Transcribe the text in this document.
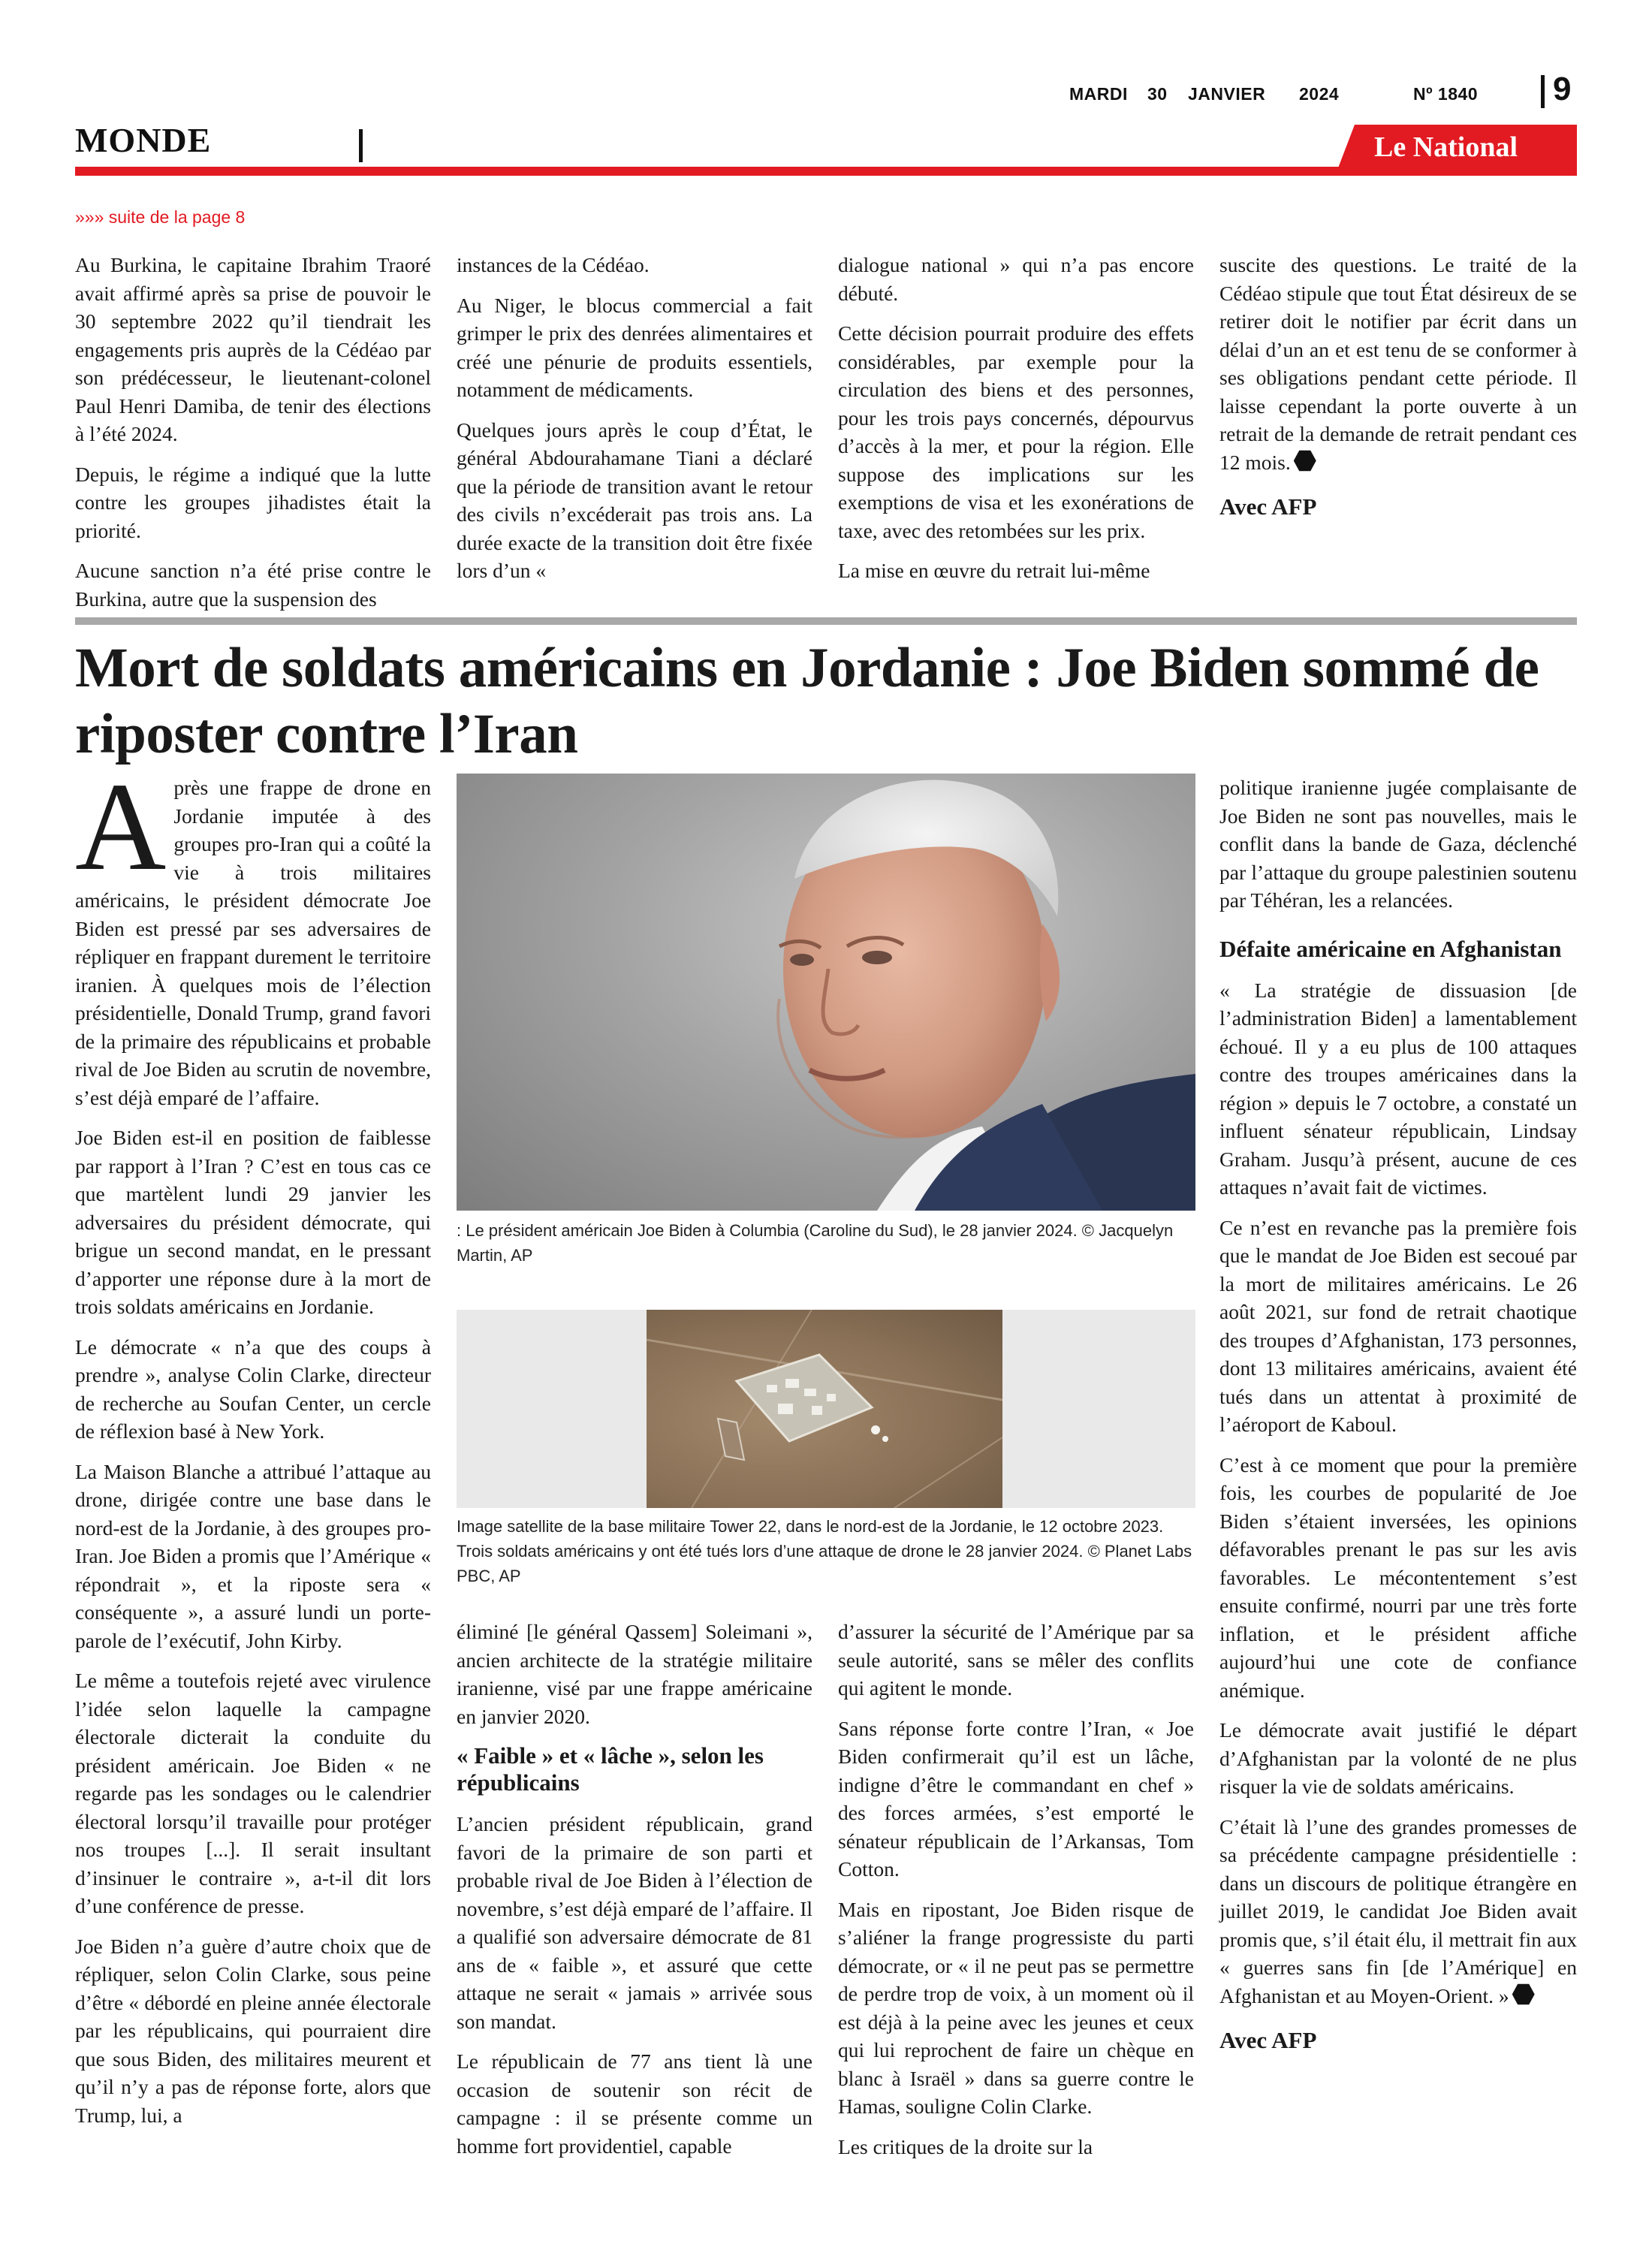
MARDI 30 JANVIER 2024	Nº 1840 9
MONDE	Le National
»»» suite de la page 8

Au Burkina, le capitaine Ibrahim Traoré avait affirmé après sa prise de pouvoir le 30 septembre 2022 qu’il tiendrait les engagements pris auprès de la Cédéao par son prédécesseur, le lieutenant-colonel Paul Henri Damiba, de tenir des élections à l’été 2024.

Depuis, le régime a indiqué que la lutte contre les groupes jihadistes était la priorité.

Aucune sanction n’a été prise contre le Burkina, autre que la suspension des

instances de la Cédéao.

Au Niger, le blocus commercial a fait grimper le prix des denrées alimentaires et créé une pénurie de produits essentiels, notamment de médicaments.

Quelques jours après le coup d’État, le général Abdourahamane Tiani a déclaré que la période de transition avant le retour des civils n’excéderait pas trois ans. La durée exacte de la transition doit être fixée lors d’un «

dialogue national » qui n’a pas encore débuté.

Cette décision pourrait produire des effets considérables, par exemple pour la circulation des biens et des personnes, pour les trois pays concernés, dépourvus d’accès à la mer, et pour la région. Elle suppose des implications sur les exemptions de visa et les exonérations de taxe, avec des retombées sur les prix.

La mise en œuvre du retrait lui-même

suscite des questions. Le traité de la Cédéao stipule que tout État désireux de se retirer doit le notifier par écrit dans un délai d’un an et est tenu de se conformer à ses obligations pendant cette période. Il laisse cependant la porte ouverte à un retrait de la demande de retrait pendant ces 12 mois.

Avec AFP

Mort de soldats américains en Jordanie : Joe Biden sommé de riposter contre l’Iran

Après une frappe de drone en Jordanie imputée à des groupes pro-Iran qui a coûté la vie à trois militaires américains, le président démocrate Joe Biden est pressé par ses adversaires de répliquer en frappant durement le territoire iranien. À quelques mois de l’élection présidentielle, Donald Trump, grand favori de la primaire des républicains et probable rival de Joe Biden au scrutin de novembre, s’est déjà emparé de l’affaire.

Joe Biden est-il en position de faiblesse par rapport à l’Iran ? C’est en tous cas ce que martèlent lundi 29 janvier les adversaires du président démocrate, qui brigue un second mandat, en le pressant d’apporter une réponse dure à la mort de trois soldats américains en Jordanie.

Le démocrate « n’a que des coups à prendre », analyse Colin Clarke, directeur de recherche au Soufan Center, un cercle de réflexion basé à New York.

La Maison Blanche a attribué l’attaque au drone, dirigée contre une base dans le nord-est de la Jordanie, à des groupes pro-Iran. Joe Biden a promis que l’Amérique « répondrait », et la riposte sera « conséquente », a assuré lundi un porte-parole de l’exécutif, John Kirby.

Le même a toutefois rejeté avec virulence l’idée selon laquelle la campagne électorale dicterait la conduite du président américain. Joe Biden « ne regarde pas les sondages ou le calendrier électoral lorsqu’il travaille pour protéger nos troupes [...]. Il serait insultant d’insinuer le contraire », a-t-il dit lors d’une conférence de presse.

Joe Biden n’a guère d’autre choix que de répliquer, selon Colin Clarke, sous peine d’être « débordé en pleine année électorale par les républicains, qui pourraient dire que sous Biden, des militaires meurent et qu’il n’y a pas de réponse forte, alors que Trump, lui, a

: Le président américain Joe Biden à Columbia (Caroline du Sud), le 28 janvier 2024. © Jacquelyn Martin, AP
Image satellite de la base militaire Tower 22, dans le nord-est de la Jordanie, le 12 octobre 2023. Trois soldats américains y ont été tués lors d’une attaque de drone le 28 janvier 2024. © Planet Labs PBC, AP

éliminé [le général Qassem] Soleimani », ancien architecte de la stratégie militaire iranienne, visé par une frappe américaine en janvier 2020.

« Faible » et « lâche », selon les républicains

L’ancien président républicain, grand favori de la primaire de son parti et probable rival de Joe Biden à l’élection de novembre, s’est déjà emparé de l’affaire. Il a qualifié son adversaire démocrate de 81 ans de « faible », et assuré que cette attaque ne serait « jamais » arrivée sous son mandat.

Le républicain de 77 ans tient là une occasion de soutenir son récit de campagne : il se présente comme un homme fort providentiel, capable

d’assurer la sécurité de l’Amérique par sa seule autorité, sans se mêler des conflits qui agitent le monde.

Sans réponse forte contre l’Iran, « Joe Biden confirmerait qu’il est un lâche, indigne d’être le commandant en chef » des forces armées, s’est emporté le sénateur républicain de l’Arkansas, Tom Cotton.

Mais en ripostant, Joe Biden risque de s’aliéner la frange progressiste du parti démocrate, or « il ne peut pas se permettre de perdre trop de voix, à un moment où il est déjà à la peine avec les jeunes et ceux qui lui reprochent de faire un chèque en blanc à Israël » dans sa guerre contre le Hamas, souligne Colin Clarke.

Les critiques de la droite sur la

politique iranienne jugée complaisante de Joe Biden ne sont pas nouvelles, mais le conflit dans la bande de Gaza, déclenché par l’attaque du groupe palestinien soutenu par Téhéran, les a relancées.

Défaite américaine en Afghanistan

« La stratégie de dissuasion [de l’administration Biden] a lamentablement échoué. Il y a eu plus de 100 attaques contre des troupes américaines dans la région » depuis le 7 octobre, a constaté un influent sénateur républicain, Lindsay Graham. Jusqu’à présent, aucune de ces attaques n’avait fait de victimes.

Ce n’est en revanche pas la première fois que le mandat de Joe Biden est secoué par la mort de militaires américains. Le 26 août 2021, sur fond de retrait chaotique des troupes d’Afghanistan, 173 personnes, dont 13 militaires américains, avaient été tués dans un attentat à proximité de l’aéroport de Kaboul.

C’est à ce moment que pour la première fois, les courbes de popularité de Joe Biden s’étaient inversées, les opinions défavorables prenant le pas sur les avis favorables. Le mécontentement s’est ensuite confirmé, nourri par une très forte inflation, et le président affiche aujourd’hui une cote de confiance anémique.

Le démocrate avait justifié le départ d’Afghanistan par la volonté de ne plus risquer la vie de soldats américains.

C’était là l’une des grandes promesses de sa précédente campagne présidentielle : dans un discours de politique étrangère en juillet 2019, le candidat Joe Biden avait promis que, s’il était élu, il mettrait fin aux « guerres sans fin [de l’Amérique] en Afghanistan et au Moyen-Orient. »

Avec AFP
